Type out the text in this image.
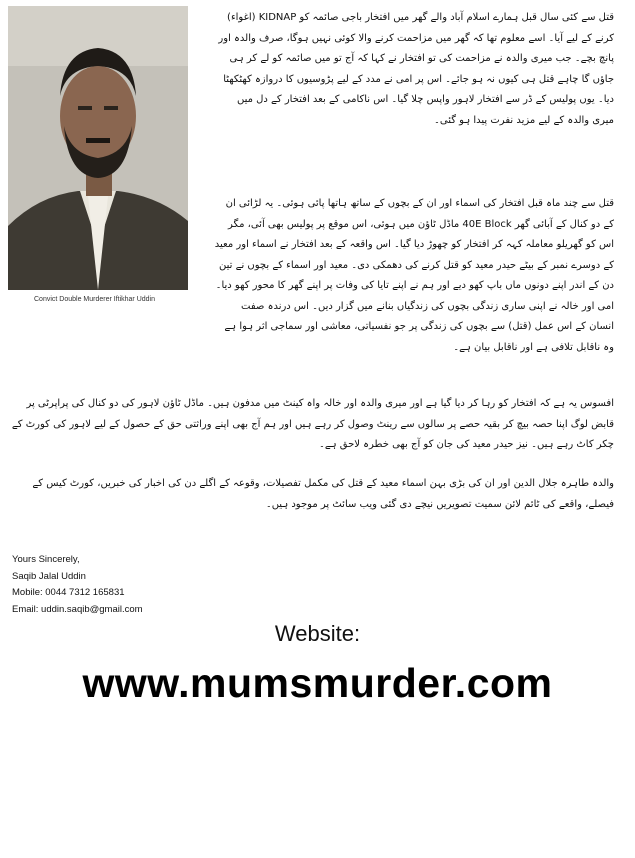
Convict Double Murderer Iftikhar Uddin
قتل سے کئی سال قبل ہمارے اسلام آباد والے گھر میں افتخار باجی صائمہ کو KIDNAP (اغواء) کرنے کے لیے آیا۔ اسے معلوم تھا کہ گھر میں مزاحمت کرنے والا کوئی نہیں ہوگا، صرف والدہ اور پانچ بچے۔ جب میری والدہ نے مزاحمت کی تو افتخار نے کہا کہ آج تو میں صائمہ کو لے کر ہی جاؤں گا چاہے قتل ہی کیوں نہ ہو جائے۔ اس پر امی نے مدد کے لیے پڑوسیوں کا دروازہ کھٹکھٹا دیا۔ یوں پولیس کے ڈر سے افتخار لاہور واپس چلا گیا۔ اس ناکامی کے بعد افتخار کے دل میں میری والدہ کے لیے مزید نفرت پیدا ہو گئی۔
قتل سے چند ماہ قبل افتخار کی اسماء اور ان کے بچوں کے ساتھ ہاتھا پائی ہوئی۔ یہ لڑائی ان کے دو کنال کے آبائی گھر 40E Block ماڈل ٹاؤن میں ہوئی، اس موقع پر پولیس بھی آئی، مگر اس کو گھریلو معاملہ کہہ کر افتخار کو چھوڑ دیا گیا۔ اس واقعہ کے بعد افتخار نے اسماء اور معید کے دوسرے نمبر کے بیٹے حیدر معید کو قتل کرنے کی دھمکی دی۔ معید اور اسماء کے بچوں نے تین دن کے اندر اپنے دونوں ماں باپ کھو دیے اور ہم نے اپنے تایا کی وفات پر اپنے گھر کا محور کھو دیا۔ امی اور خالہ نے اپنی ساری زندگی بچوں کی زندگیاں بنانے میں گزار دیں۔ اس درندہ صفت انسان کے اس عمل (قتل) سے بچوں کی زندگی پر جو نفسیاتی، معاشی اور سماجی اثر ہوا ہے وہ ناقابل تلافی ہے اور ناقابل بیان ہے۔
افسوس یہ ہے کہ افتخار کو رہا کر دیا گیا ہے اور میری والدہ اور خالہ واہ کینٹ میں مدفون ہیں۔ ماڈل ٹاؤن لاہور کی دو کنال کی پراپرٹی پر قابض لوگ اپنا حصہ بیچ کر بقیہ حصے پر سالوں سے رینٹ وصول کر رہے ہیں اور ہم آج بھی اپنے وراثتی حق کے حصول کے لیے لاہور کی کورٹ کے چکر کاٹ رہے ہیں۔ نیز حیدر معید کی جان کو آج بھی خطرہ لاحق ہے۔
والدہ طاہرہ جلال الدین اور ان کی بڑی بہن اسماء معید کے قتل کی مکمل تفصیلات، وقوعہ کے اگلے دن کی اخبار کی خبریں، کورٹ کیس کے فیصلے، واقعے کی ٹائم لائن سمیت تصویریں نیچے دی گئی ویب سائٹ پر موجود ہیں۔
Yours Sincerely,
Saqib Jalal Uddin
Mobile: 0044 7312 165831
Email: uddin.saqib@gmail.com
Website:
www.mumsmurder.com
